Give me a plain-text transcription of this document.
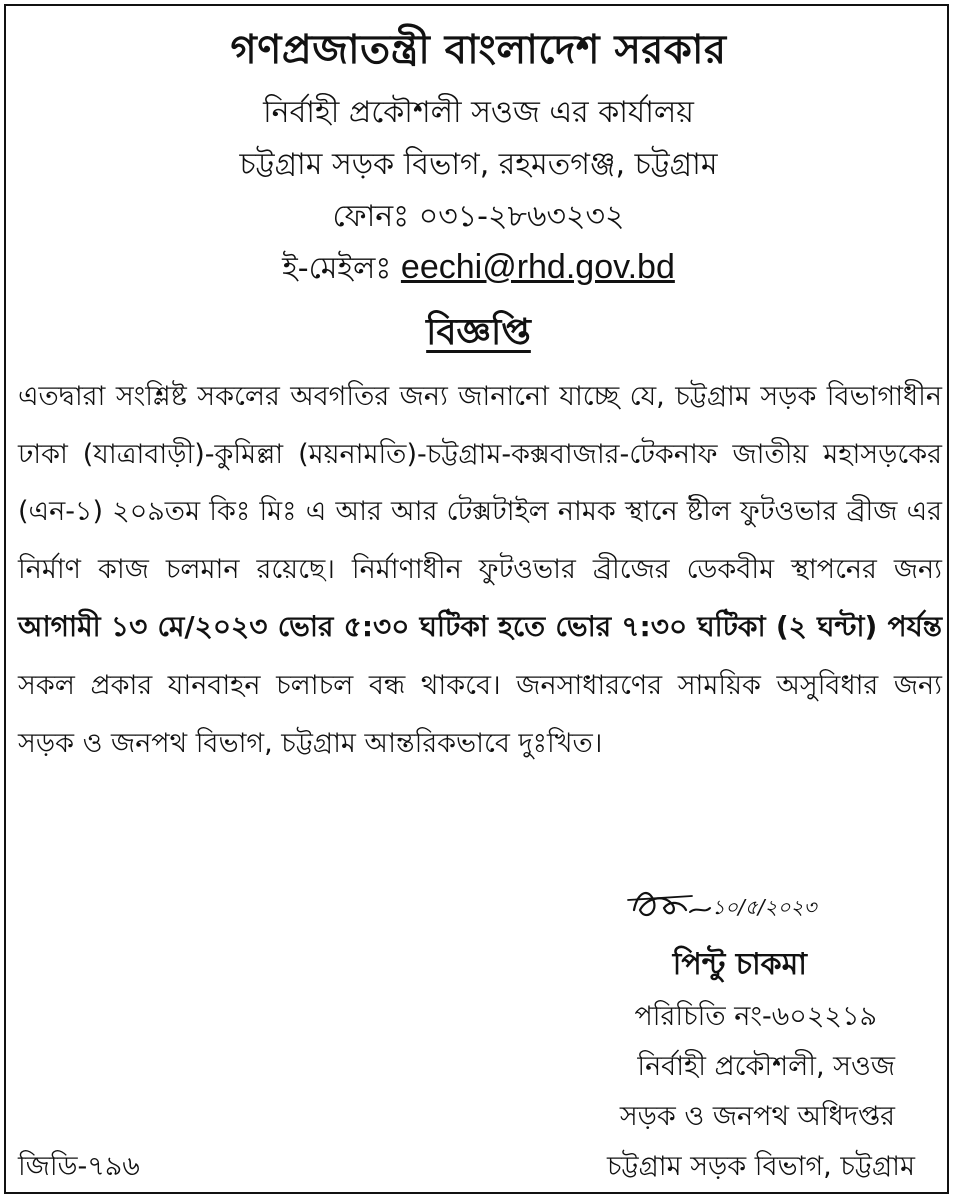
গণপ্রজাতন্ত্রী বাংলাদেশ সরকার
নির্বাহী প্রকৌশলী সওজ এর কার্যালয়
চট্টগ্রাম সড়ক বিভাগ, রহমতগঞ্জ, চট্টগ্রাম
ফোনঃ ০৩১-২৮৬৩২৩২
ই-মেইলঃ eechi@rhd.gov.bd
বিজ্ঞপ্তি
এতদ্বারা সংশ্লিষ্ট সকলের অবগতির জন্য জানানো যাচ্ছে যে, চট্টগ্রাম সড়ক বিভাগাধীন ঢাকা (যাত্রাবাড়ী)-কুমিল্লা (ময়নামতি)-চট্টগ্রাম-কক্সবাজার-টেকনাফ জাতীয় মহাসড়কের (এন-১) ২০৯তম কিঃ মিঃ এ আর আর টেক্সটাইল নামক স্থানে ষ্টীল ফুটওভার ব্রীজ এর নির্মাণ কাজ চলমান রয়েছে। নির্মাণাধীন ফুটওভার ব্রীজের ডেকবীম স্থাপনের জন্য আগামী ১৩ মে/২০২৩ ভোর ৫:৩০ ঘটিকা হতে ভোর ৭:৩০ ঘটিকা (২ ঘন্টা) পর্যন্ত সকল প্রকার যানবাহন চলাচল বন্ধ থাকবে। জনসাধারণের সাময়িক অসুবিধার জন্য সড়ক ও জনপথ বিভাগ, চট্টগ্রাম আন্তরিকভাবে দুঃখিত।
১০/৫/২০২৩
পিন্টু চাকমা
পরিচিতি নং-৬০২২১৯
নির্বাহী প্রকৌশলী, সওজ
সড়ক ও জনপথ অধিদপ্তর
চট্টগ্রাম সড়ক বিভাগ, চট্টগ্রাম
জিডি-৭৯৬
